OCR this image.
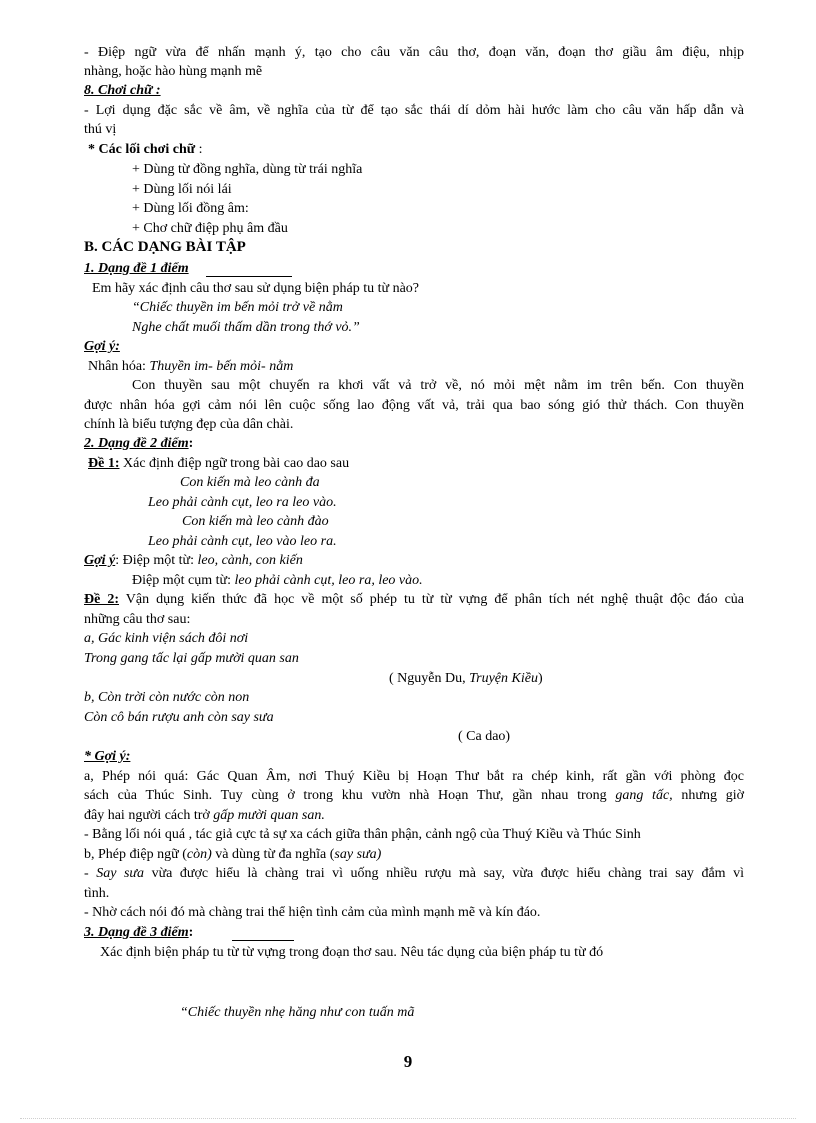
- Điệp ngữ vừa để nhấn mạnh ý, tạo cho câu văn câu thơ, đoạn văn, đoạn thơ giầu âm điệu, nhịp
nhàng, hoặc hào hùng mạnh mẽ
8. Chơi chữ :
- Lợi dụng đặc sắc về âm, về nghĩa của từ để tạo sắc thái dí dỏm hài hước làm cho câu văn hấp dẫn và
thú vị
* Các lối chơi chữ :
+ Dùng từ đồng nghĩa, dùng từ trái nghĩa
+ Dùng lối nói lái
+ Dùng lối đồng âm:
+ Chơ chữ điệp phụ âm đầu
B. CÁC DẠNG BÀI TẬP
1. Dạng đề 1 điểm
Em hãy xác định câu thơ sau sử dụng biện pháp tu từ nào?
“Chiếc thuyền im bến mỏi trở về nằm
Nghe chất muối thấm dần trong thớ vỏ.”
Gợi ý:
Nhân hóa: Thuyền im- bến mỏi- nằm
Con thuyền sau một chuyến ra khơi vất vả trở về, nó mỏi mệt nằm im trên bến. Con thuyền
được nhân hóa gợi cảm nói lên cuộc sống lao động vất vả, trải qua bao sóng gió thử thách. Con thuyền
chính là biểu tượng đẹp của dân chài.
2. Dạng đề 2 điểm:
Đề 1: Xác định điệp ngữ trong bài cao dao sau
Con kiến mà leo cành đa
Leo phải cành cụt, leo ra leo vào.
Con kiến mà leo cành đào
Leo phải cành cụt, leo vào leo ra.
Gợi ý: Điệp một từ: leo, cành, con kiến
Điệp một cụm từ: leo phải cành cụt, leo ra, leo vào.
Đề 2: Vận dụng kiến thức đã học về một số phép tu từ từ vựng để phân tích nét nghệ thuật độc đáo của
những câu thơ sau:
a, Gác kinh viện sách đôi nơi
Trong gang tấc lại gấp mười quan san
( Nguyễn Du, Truyện Kiều)
b, Còn trời còn nước còn non
Còn cô bán rượu anh còn say sưa
( Ca dao)
* Gợi ý:
a, Phép nói quá: Gác Quan Âm, nơi Thuý Kiều bị Hoạn Thư bắt ra chép kinh, rất gần với phòng đọc
sách của Thúc Sinh. Tuy cùng ở trong khu vườn nhà Hoạn Thư, gần nhau trong gang tấc, nhưng giờ
đây hai người cách trở gấp mười quan san.
- Bằng lối nói quá , tác giả cực tả sự xa cách giữa thân phận, cảnh ngộ của Thuý Kiều và Thúc Sinh
b, Phép điệp ngữ (còn) và dùng từ đa nghĩa (say sưa)
- Say sưa vừa được hiểu là chàng trai vì uống nhiều rượu mà say, vừa được hiểu chàng trai say đắm vì
tình.
- Nhờ cách nói đó mà chàng trai thể hiện tình cảm của mình mạnh mẽ và kín đáo.
3. Dạng đề 3 điểm:
Xác định biện pháp tu từ từ vựng trong đoạn thơ sau. Nêu tác dụng của biện pháp tu từ đó
“Chiếc thuyền nhẹ hăng như con tuấn mã
9
